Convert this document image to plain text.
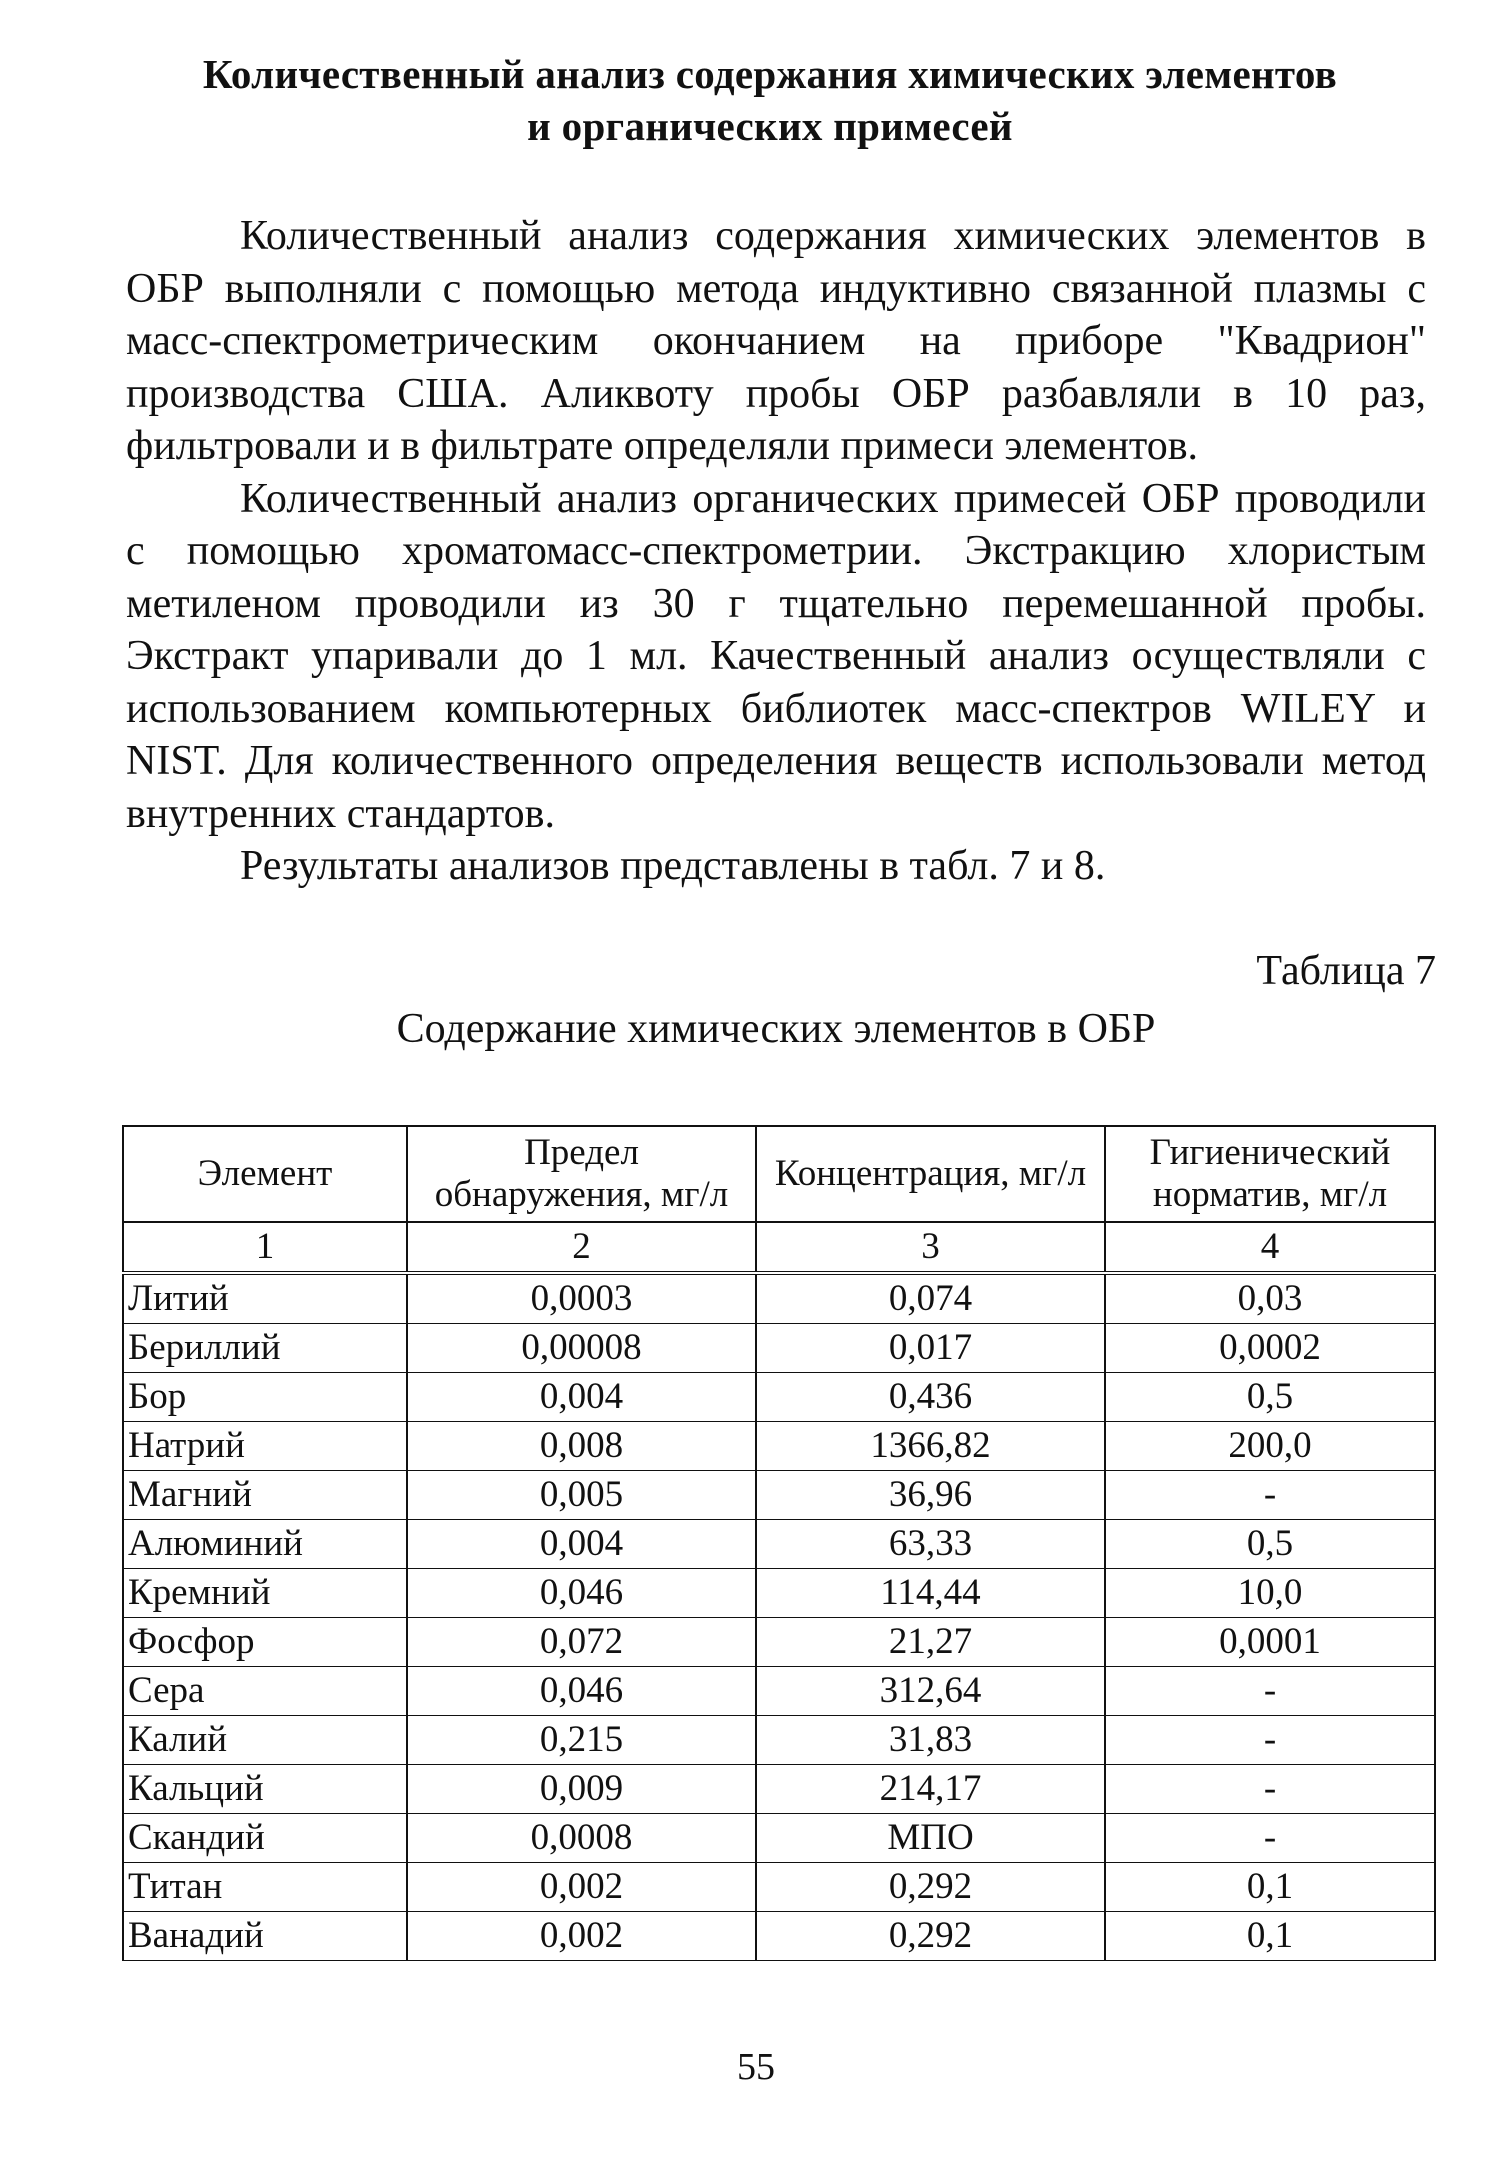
Количественный анализ содержания химических элементов
и органических примесей

Количественный анализ содержания химических элементов в ОБР выполняли с помощью метода индуктивно связанной плазмы с масс-спектрометрическим окончанием на приборе "Квадрион" производства США. Аликвоту пробы ОБР разбавляли в 10 раз, фильтровали и в фильтрате определяли примеси элементов.

Количественный анализ органических примесей ОБР проводили с помощью хроматомасс-спектрометрии. Экстракцию хлористым метиленом проводили из 30 г тщательно перемешанной пробы. Экстракт упаривали до 1 мл. Качественный анализ осуществляли с использованием компьютерных библиотек масс-спектров WILEY и NIST. Для количественного определения веществ использовали метод внутренних стандартов.

Результаты анализов представлены в табл. 7 и 8.

Таблица 7
Содержание химических элементов в ОБР
Элемент	Предел обнаружения, мг/л	Концентрация, мг/л	Гигиенический норматив, мг/л
1	2	3	4
Литий	0,0003	0,074	0,03
Бериллий	0,00008	0,017	0,0002
Бор	0,004	0,436	0,5
Натрий	0,008	1366,82	200,0
Магний	0,005	36,96	-
Алюминий	0,004	63,33	0,5
Кремний	0,046	114,44	10,0
Фосфор	0,072	21,27	0,0001
Сера	0,046	312,64	-
Калий	0,215	31,83	-
Кальций	0,009	214,17	-
Скандий	0,0008	МПО	-
Титан	0,002	0,292	0,1
Ванадий	0,002	0,292	0,1
55
